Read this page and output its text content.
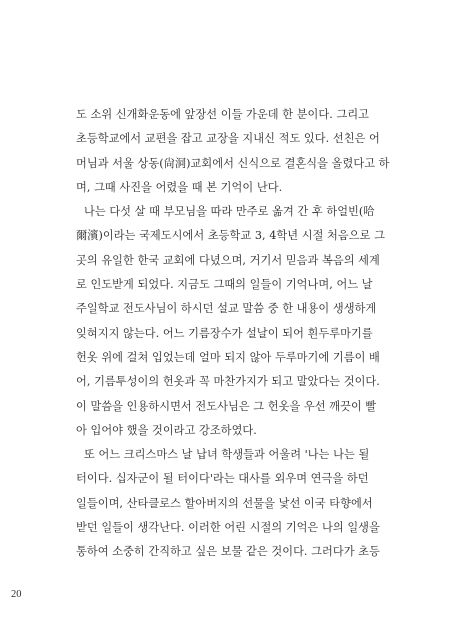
도 소위 신개화운동에 앞장선 이들 가운데 한 분이다. 그리고
초등학교에서 교편을 잡고 교장을 지내신 적도 있다. 선친은 어
머님과 서울 상동(尙洞)교회에서 신식으로 결혼식을 올렸다고 하
며, 그때 사진을 어렸을 때 본 기억이 난다.
나는 다섯 살 때 부모님을 따라 만주로 옮겨 간 후 하얼빈(哈
爾濱)이라는 국제도시에서 초등학교 3, 4학년 시절 처음으로 그
곳의 유일한 한국 교회에 다녔으며, 거기서 믿음과 복음의 세계
로 인도받게 되었다. 지금도 그때의 일들이 기억나며, 어느 날
주일학교 전도사님이 하시던 설교 말씀 중 한 내용이 생생하게
잊혀지지 않는다. 어느 기름장수가 설날이 되어 흰두루마기를
헌옷 위에 걸쳐 입었는데 얼마 되지 않아 두루마기에 기름이 배
어, 기름투성이의 헌옷과 꼭 마찬가지가 되고 말았다는 것이다.
이 말씀을 인용하시면서 전도사님은 그 헌옷을 우선 깨끗이 빨
아 입어야 했을 것이라고 강조하였다.
또 어느 크리스마스 날 납녀 학생들과 어울려 '나는 나는 될
터이다. 십자군이 될 터이다'라는 대사를 외우며 연극을 하던
일들이며, 산타클로스 할아버지의 선물을 낯선 이국 타향에서
받던 일들이 생각난다. 이러한 어린 시절의 기억은 나의 일생을
통하여 소중히 간직하고 싶은 보물 같은 것이다. 그러다가 초등
20
